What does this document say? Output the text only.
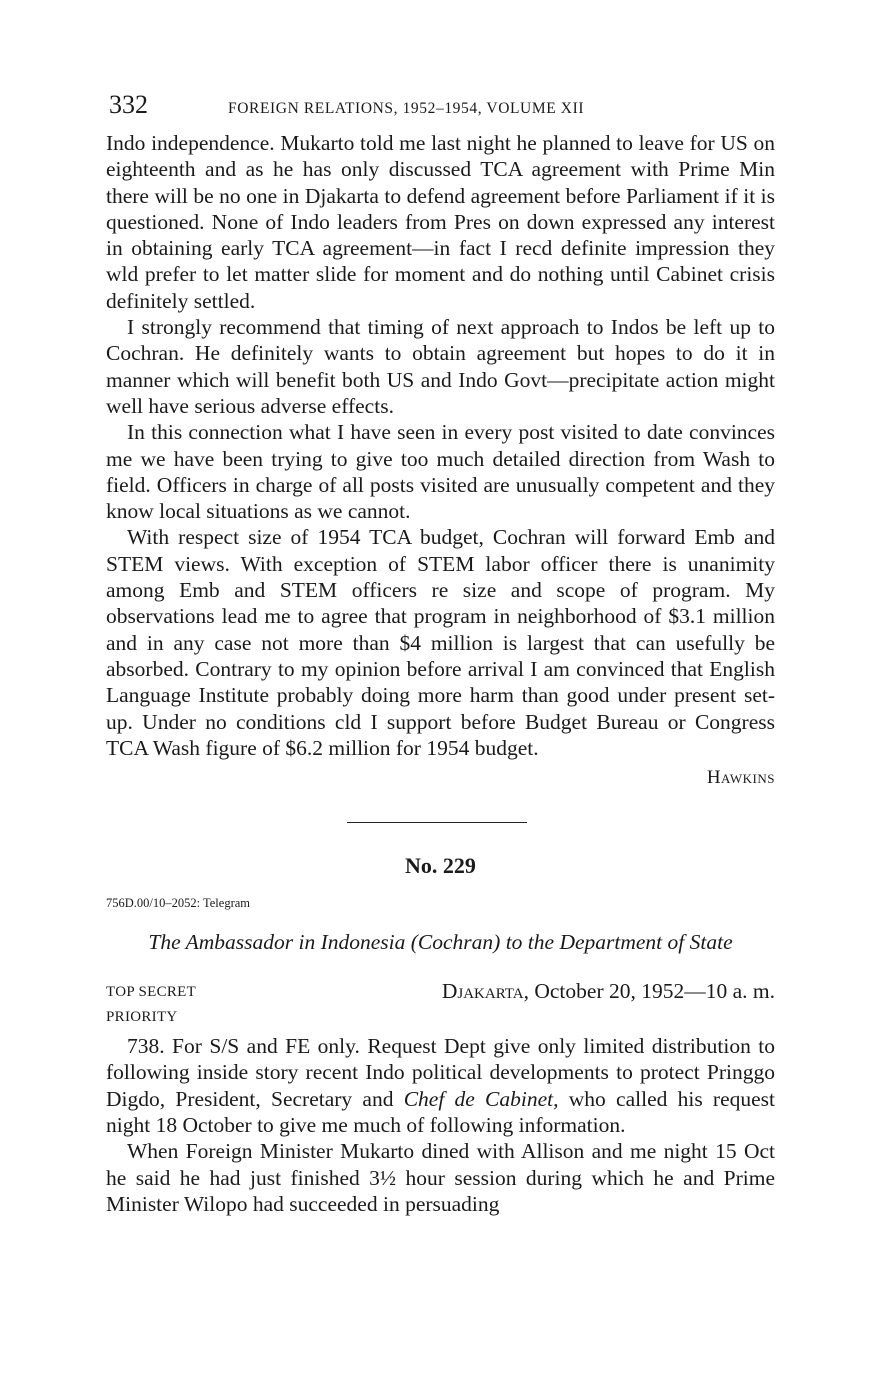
332	FOREIGN RELATIONS, 1952–1954, VOLUME XII

Indo independence. Mukarto told me last night he planned to leave for US on eighteenth and as he has only discussed TCA agreement with Prime Min there will be no one in Djakarta to defend agreement before Parliament if it is questioned. None of Indo leaders from Pres on down expressed any interest in obtaining early TCA agreement—in fact I recd definite impression they wld prefer to let matter slide for moment and do nothing until Cabinet crisis definitely settled.

I strongly recommend that timing of next approach to Indos be left up to Cochran. He definitely wants to obtain agreement but hopes to do it in manner which will benefit both US and Indo Govt—precipitate action might well have serious adverse effects.

In this connection what I have seen in every post visited to date convinces me we have been trying to give too much detailed direction from Wash to field. Officers in charge of all posts visited are unusually competent and they know local situations as we cannot.

With respect size of 1954 TCA budget, Cochran will forward Emb and STEM views. With exception of STEM labor officer there is unanimity among Emb and STEM officers re size and scope of program. My observations lead me to agree that program in neighborhood of $3.1 million and in any case not more than $4 million is largest that can usefully be absorbed. Contrary to my opinion before arrival I am convinced that English Language Institute probably doing more harm than good under present set-up. Under no conditions cld I support before Budget Bureau or Congress TCA Wash figure of $6.2 million for 1954 budget.

Hawkins
No. 229
756D.00/10–2052: Telegram
The Ambassador in Indonesia (Cochran) to the Department of State
TOP SECRET
PRIORITY
Djakarta, October 20, 1952—10 a. m.

738. For S/S and FE only. Request Dept give only limited distribution to following inside story recent Indo political developments to protect Pringgo Digdo, President, Secretary and Chef de Cabinet, who called his request night 18 October to give me much of following information.

When Foreign Minister Mukarto dined with Allison and me night 15 Oct he said he had just finished 3½ hour session during which he and Prime Minister Wilopo had succeeded in persuading
